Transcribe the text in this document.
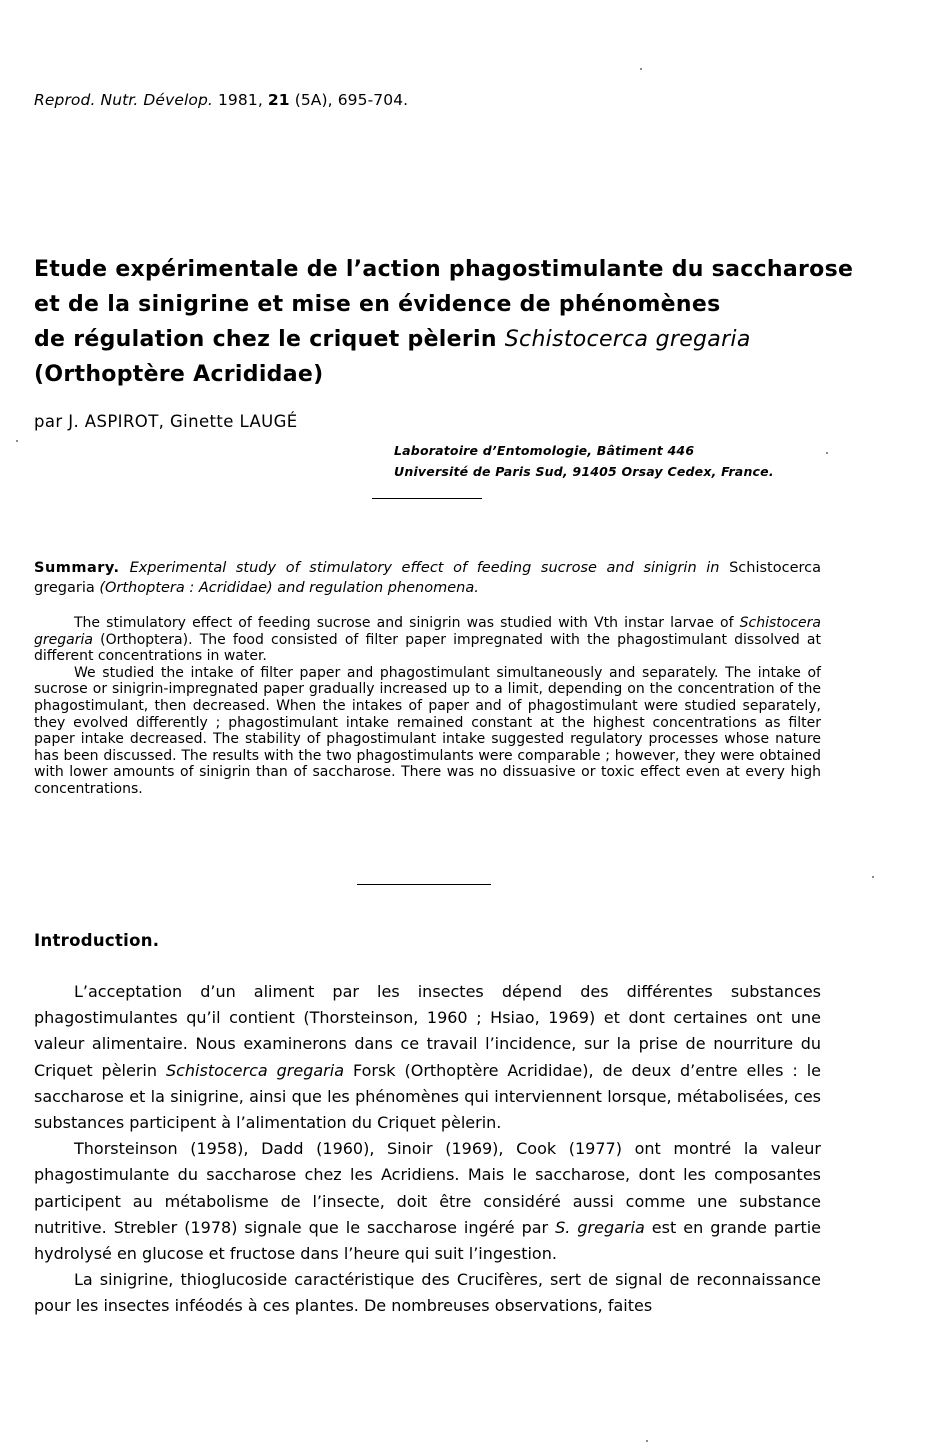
Reprod. Nutr. Dévelop. 1981, 21 (5A), 695-704.
Etude expérimentale de l’action phagostimulante du saccharose
et de la sinigrine et mise en évidence de phénomènes
de régulation chez le criquet pèlerin Schistocerca gregaria
(Orthoptère Acrididae)
par J. ASPIROT, Ginette LAUGÉ
Laboratoire d’Entomologie, Bâtiment 446
Université de Paris Sud, 91405 Orsay Cedex, France.
Summary. Experimental study of stimulatory effect of feeding sucrose and sinigrin in Schistocerca gregaria (Orthoptera : Acrididae) and regulation phenomena.

The stimulatory effect of feeding sucrose and sinigrin was studied with Vth instar larvae of Schistocera gregaria (Orthoptera). The food consisted of filter paper impregnated with the phagostimulant dissolved at different concentrations in water.

We studied the intake of filter paper and phagostimulant simultaneously and separately. The intake of sucrose or sinigrin-impregnated paper gradually increased up to a limit, depending on the concentration of the phagostimulant, then decreased. When the intakes of paper and of phagostimulant were studied separately, they evolved differently ; phagostimulant intake remained constant at the highest concentrations as filter paper intake decreased. The stability of phagostimulant intake suggested regulatory processes whose nature has been discussed. The results with the two phagostimulants were comparable ; however, they were obtained with lower amounts of sinigrin than of saccharose. There was no dissuasive or toxic effect even at every high concentrations.

Introduction.

L’acceptation d’un aliment par les insectes dépend des différentes substances phagostimulantes qu’il contient (Thorsteinson, 1960 ; Hsiao, 1969) et dont certaines ont une valeur alimentaire. Nous examinerons dans ce travail l’incidence, sur la prise de nourriture du Criquet pèlerin Schistocerca gregaria Forsk (Orthoptère Acrididae), de deux d’entre elles : le saccharose et la sinigrine, ainsi que les phénomènes qui interviennent lorsque, métabolisées, ces substances participent à l’alimentation du Criquet pèlerin.

Thorsteinson (1958), Dadd (1960), Sinoir (1969), Cook (1977) ont montré la valeur phagostimulante du saccharose chez les Acridiens. Mais le saccharose, dont les composantes participent au métabolisme de l’insecte, doit être considéré aussi comme une substance nutritive. Strebler (1978) signale que le saccharose ingéré par S. gregaria est en grande partie hydrolysé en glucose et fructose dans l’heure qui suit l’ingestion.

La sinigrine, thioglucoside caractéristique des Crucifères, sert de signal de reconnaissance pour les insectes inféodés à ces plantes. De nombreuses observations, faites
